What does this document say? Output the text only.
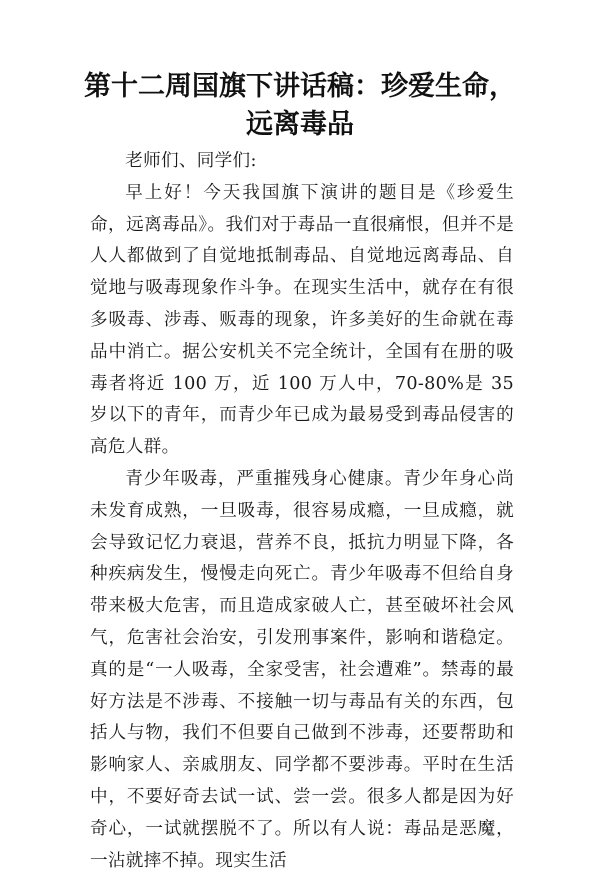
第十二周国旗下讲话稿：珍爱生命，远离毒品

老师们、同学们:

早上好！今天我国旗下演讲的题目是《珍爱生命，远离毒品》。我们对于毒品一直很痛恨，但并不是人人都做到了自觉地抵制毒品、自觉地远离毒品、自觉地与吸毒现象作斗争。在现实生活中，就存在有很多吸毒、涉毒、贩毒的现象，许多美好的生命就在毒品中消亡。据公安机关不完全统计，全国有在册的吸毒者将近 100 万，近 100 万人中，70-80%是 35 岁以下的青年，而青少年已成为最易受到毒品侵害的高危人群。

青少年吸毒，严重摧残身心健康。青少年身心尚未发育成熟，一旦吸毒，很容易成瘾，一旦成瘾，就会导致记忆力衰退，营养不良，抵抗力明显下降，各种疾病发生，慢慢走向死亡。青少年吸毒不但给自身带来极大危害，而且造成家破人亡，甚至破坏社会风气，危害社会治安，引发刑事案件，影响和谐稳定。真的是“一人吸毒，全家受害，社会遭难”。禁毒的最好方法是不涉毒、不接触一切与毒品有关的东西，包括人与物，我们不但要自己做到不涉毒，还要帮助和影响家人、亲戚朋友、同学都不要涉毒。平时在生活中，不要好奇去试一试、尝一尝。很多人都是因为好奇心，一试就摆脱不了。所以有人说：毒品是恶魔，一沾就摔不掉。现实生活
